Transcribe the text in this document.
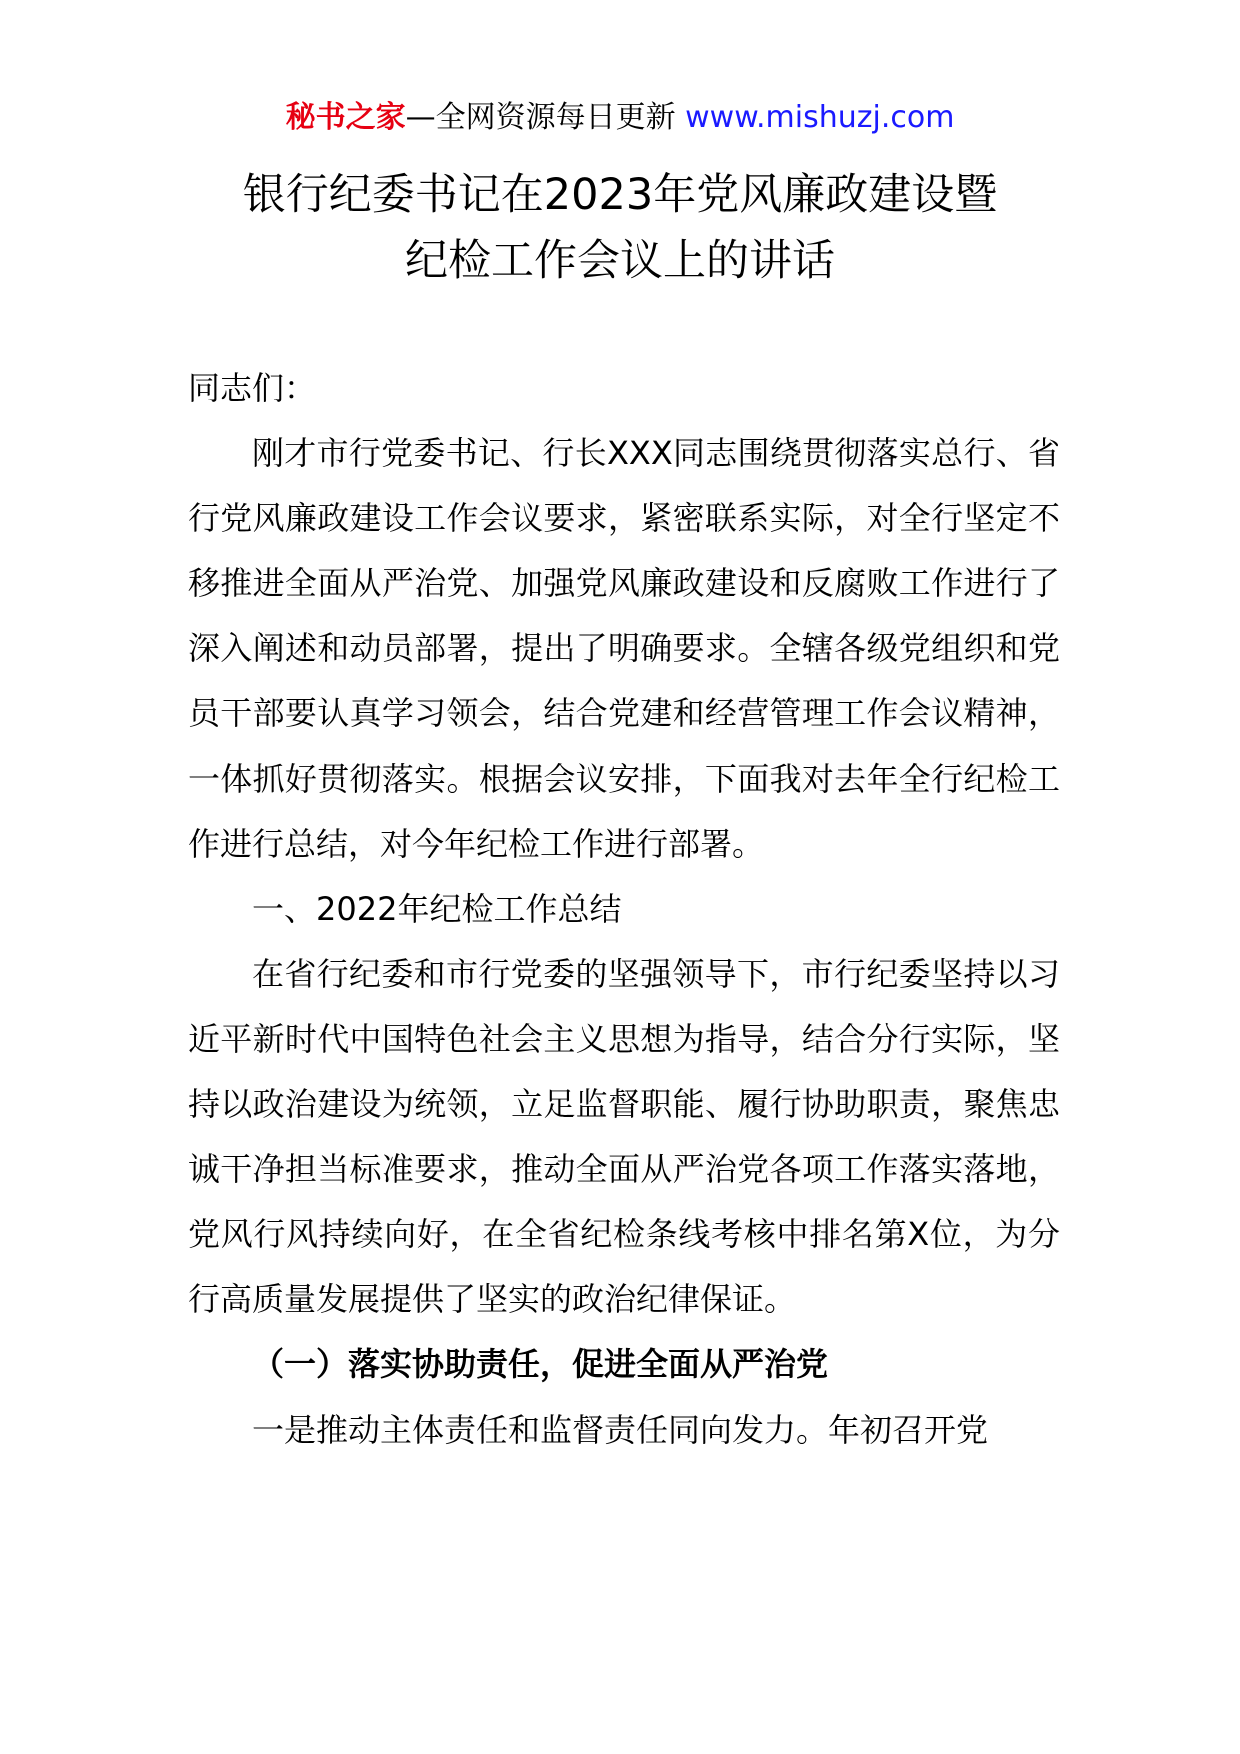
秘书之家—全网资源每日更新 www.mishuzj.com
银行纪委书记在2023年党风廉政建设暨
纪检工作会议上的讲话

同志们：

刚才市行党委书记、行长XXX同志围绕贯彻落实总行、省行党风廉政建设工作会议要求，紧密联系实际，对全行坚定不移推进全面从严治党、加强党风廉政建设和反腐败工作进行了深入阐述和动员部署，提出了明确要求。全辖各级党组织和党员干部要认真学习领会，结合党建和经营管理工作会议精神，一体抓好贯彻落实。根据会议安排，下面我对去年全行纪检工作进行总结，对今年纪检工作进行部署。

一、2022年纪检工作总结

在省行纪委和市行党委的坚强领导下，市行纪委坚持以习近平新时代中国特色社会主义思想为指导，结合分行实际，坚持以政治建设为统领，立足监督职能、履行协助职责，聚焦忠诚干净担当标准要求，推动全面从严治党各项工作落实落地，党风行风持续向好，在全省纪检条线考核中排名第X位，为分行高质量发展提供了坚实的政治纪律保证。

（一）落实协助责任，促进全面从严治党

一是推动主体责任和监督责任同向发力。年初召开党
